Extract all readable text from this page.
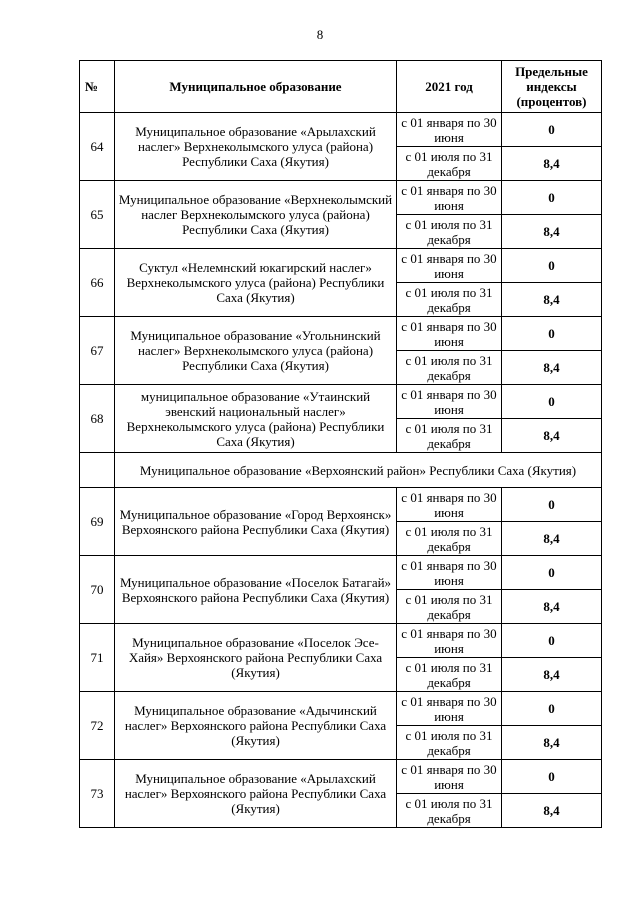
8
№	Муниципальное образование	2021 год	Предельные индексы (процентов)
64	Муниципальное образование «Арылахский наслег» Верхнеколымского улуса (района) Республики Саха (Якутия)	с 01 января по 30 июня	0
		с 01 июля по 31 декабря	8,4
65	Муниципальное образование «Верхнеколымский наслег Верхнеколымского улуса (района) Республики Саха (Якутия)	с 01 января по 30 июня	0
		с 01 июля по 31 декабря	8,4
66	Суктул «Нелемнский юкагирский наслег» Верхнеколымского улуса (района) Республики Саха (Якутия)	с 01 января по 30 июня	0
		с 01 июля по 31 декабря	8,4
67	Муниципальное образование «Угольнинский наслег» Верхнеколымского улуса (района) Республики Саха (Якутия)	с 01 января по 30 июня	0
		с 01 июля по 31 декабря	8,4
68	муниципальное образование «Утаинский эвенский национальный наслег» Верхнеколымского улуса (района) Республики Саха (Якутия)	с 01 января по 30 июня	0
		с 01 июля по 31 декабря	8,4
	Муниципальное образование «Верхоянский район» Республики Саха (Якутия)		
69	Муниципальное образование «Город Верхоянск» Верхоянского района Республики Саха (Якутия)	с 01 января по 30 июня	0
		с 01 июля по 31 декабря	8,4
70	Муниципальное образование «Поселок Батагай» Верхоянского района Республики Саха (Якутия)	с 01 января по 30 июня	0
		с 01 июля по 31 декабря	8,4
71	Муниципальное образование «Поселок Эсе-Хайя» Верхоянского района Республики Саха (Якутия)	с 01 января по 30 июня	0
		с 01 июля по 31 декабря	8,4
72	Муниципальное образование «Адычинский наслег» Верхоянского района Республики Саха (Якутия)	с 01 января по 30 июня	0
		с 01 июля по 31 декабря	8,4
73	Муниципальное образование «Арылахский наслег» Верхоянского района Республики Саха (Якутия)	с 01 января по 30 июня	0
		с 01 июля по 31 декабря	8,4
